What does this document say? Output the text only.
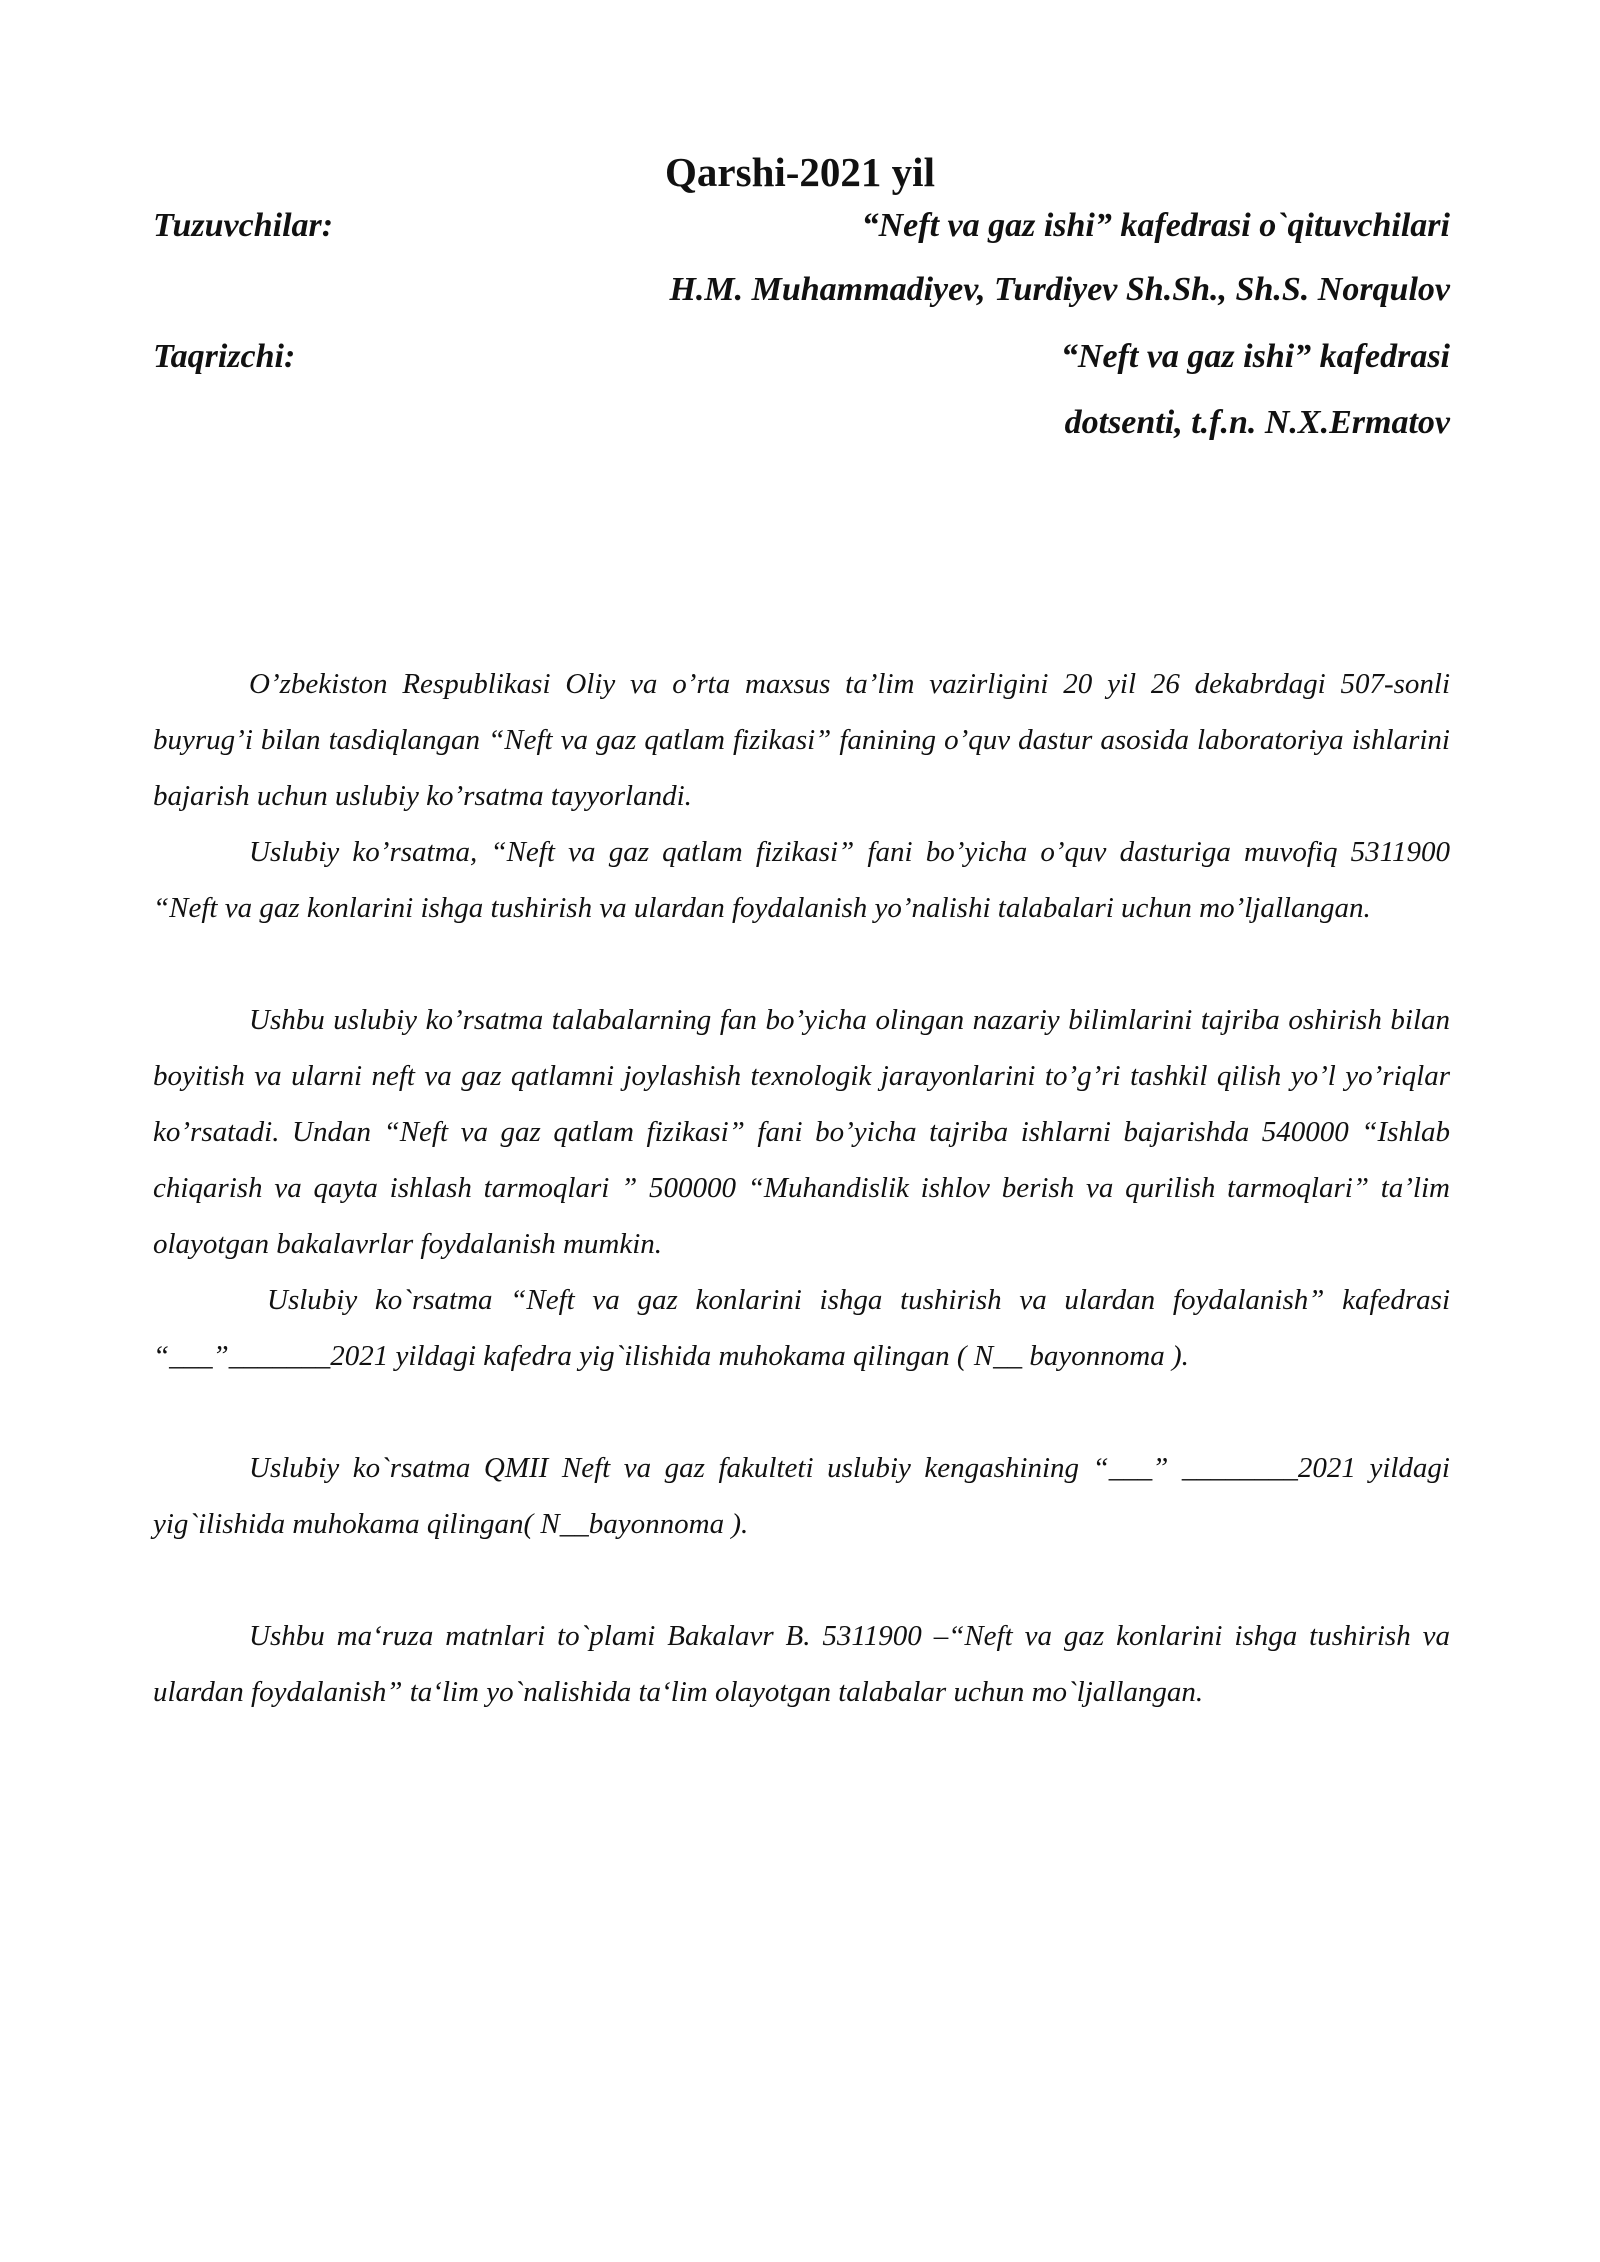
Qarshi-2021 yil
Tuzuvchilar:	“Neft va gaz ishi” kafedrasi o`qituvchilari
H.M. Muhammadiyev, Turdiyev Sh.Sh., Sh.S. Norqulov
Taqrizchi:	“Neft va gaz ishi” kafedrasi
dotsenti, t.f.n. N.X.Ermatov

O’zbekiston Respublikasi Oliy va o’rta maxsus ta’lim vazirligini 20 yil 26 dekabrdagi 507-sonli buyrug’i bilan tasdiqlangan “Neft va gaz qatlam fizikasi” fanining o’quv dastur asosida laboratoriya ishlarini bajarish uchun uslubiy ko’rsatma tayyorlandi.

Uslubiy ko’rsatma, “Neft va gaz qatlam fizikasi” fani bo’yicha o’quv dasturiga muvofiq 5311900 “Neft va gaz konlarini ishga tushirish va ulardan foydalanish yo’nalishi talabalari uchun mo’ljallangan.

Ushbu uslubiy ko’rsatma talabalarning fan bo’yicha olingan nazariy bilimlarini tajriba oshirish bilan boyitish va ularni neft va gaz qatlamni joylashish texnologik jarayonlarini to’g’ri tashkil qilish yo’l yo’riqlar ko’rsatadi. Undan “Neft va gaz qatlam fizikasi” fani bo’yicha tajriba ishlarni bajarishda 540000 “Ishlab chiqarish va qayta ishlash tarmoqlari ” 500000 “Muhandislik ishlov berish va qurilish tarmoqlari” ta’lim olayotgan bakalavrlar foydalanish mumkin.

Uslubiy ko`rsatma “Neft va gaz konlarini ishga tushirish va ulardan foydalanish” kafedrasi “___”_______2021 yildagi kafedra yig`ilishida muhokama qilingan ( N__ bayonnoma ).

Uslubiy ko`rsatma QMII Neft va gaz fakulteti uslubiy kengashining “___” ________2021 yildagi yig`ilishida muhokama qilingan( N__bayonnoma ).

Ushbu ma‘ruza matnlari to`plami Bakalavr B. 5311900 –“Neft va gaz konlarini ishga tushirish va ulardan foydalanish” ta‘lim yo`nalishida ta‘lim olayotgan talabalar uchun mo`ljallangan.
